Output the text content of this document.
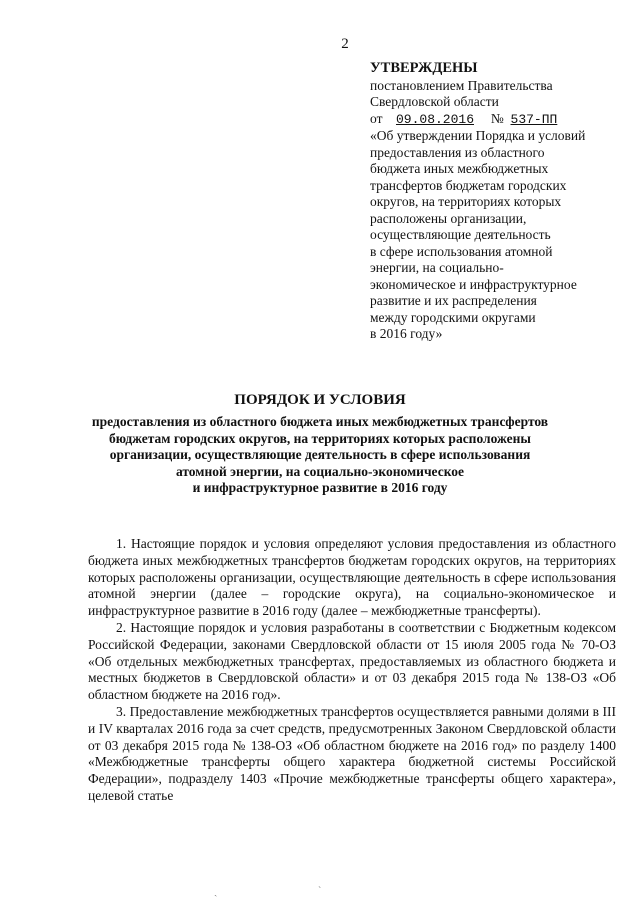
2
УТВЕРЖДЕНЫ
постановлением Правительства
Свердловской области
от 09.08.2016 № 537-ПП
«Об утверждении Порядка и условий
предоставления из областного
бюджета иных межбюджетных
трансфертов бюджетам городских
округов, на территориях которых
расположены организации,
осуществляющие деятельность
в сфере использования атомной
энергии, на социально-
экономическое и инфраструктурное
развитие и их распределения
между городскими округами
в 2016 году»
ПОРЯДОК И УСЛОВИЯ
предоставления из областного бюджета иных межбюджетных трансфертов
бюджетам городских округов, на территориях которых расположены
организации, осуществляющие деятельность в сфере использования
атомной энергии, на социально-экономическое
и инфраструктурное развитие в 2016 году

1. Настоящие порядок и условия определяют условия предоставления из областного бюджета иных межбюджетных трансфертов бюджетам городских округов, на территориях которых расположены организации, осуществляющие деятельность в сфере использования атомной энергии (далее – городские округа), на социально-экономическое и инфраструктурное развитие в 2016 году (далее – межбюджетные трансферты).

2. Настоящие порядок и условия разработаны в соответствии с Бюджетным кодексом Российской Федерации, законами Свердловской области от 15 июля 2005 года № 70-ОЗ «Об отдельных межбюджетных трансфертах, предоставляемых из областного бюджета и местных бюджетов в Свердловской области» и от 03 декабря 2015 года № 138-ОЗ «Об областном бюджете на 2016 год».

3. Предоставление межбюджетных трансфертов осуществляется равными долями в III и IV кварталах 2016 года за счет средств, предусмотренных Законом Свердловской области от 03 декабря 2015 года № 138-ОЗ «Об областном бюджете на 2016 год» по разделу 1400 «Межбюджетные трансферты общего характера бюджетной системы Российской Федерации», подразделу 1403 «Прочие межбюджетные трансферты общего характера», целевой статье

ˎ	ˋ
